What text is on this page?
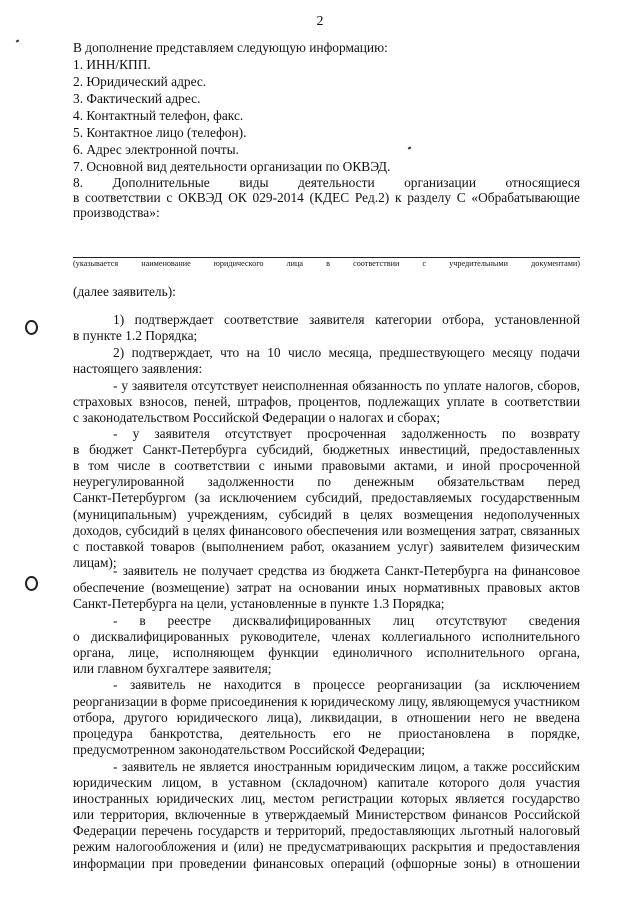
2
В дополнение представляем следующую информацию:
1. ИНН/КПП.
2. Юридический адрес.
3. Фактический адрес.
4. Контактный телефон, факс.
5. Контактное лицо (телефон).
6. Адрес электронной почты.
7. Основной вид деятельности организации по ОКВЭД.
8. Дополнительные виды деятельности организации относящиеся
в соответствии с ОКВЭД ОК 029-2014 (КДЕС Ред.2) к разделу С «Обрабатывающие
производства»:
(указывается наименование юридического лица в соответствии с учредительными документами)
(далее заявитель):
1) подтверждает соответствие заявителя категории отбора, установленной
в пункте 1.2 Порядка;
2) подтверждает, что на 10 число месяца, предшествующего месяцу подачи
настоящего заявления:
- у заявителя отсутствует неисполненная обязанность по уплате налогов, сборов,
страховых взносов, пеней, штрафов, процентов, подлежащих уплате в соответствии
с законодательством Российской Федерации о налогах и сборах;
- у заявителя отсутствует просроченная задолженность по возврату
в бюджет Санкт-Петербурга субсидий, бюджетных инвестиций, предоставленных
в том числе в соответствии с иными правовыми актами, и иной просроченной
неурегулированной задолженности по денежным обязательствам перед
Санкт-Петербургом (за исключением субсидий, предоставляемых государственным
(муниципальным) учреждениям, субсидий в целях возмещения недополученных
доходов, субсидий в целях финансового обеспечения или возмещения затрат, связанных
с поставкой товаров (выполнением работ, оказанием услуг) заявителем физическим
лицам);
- заявитель не получает средства из бюджета Санкт-Петербурга на финансовое
обеспечение (возмещение) затрат на основании иных нормативных правовых актов
Санкт-Петербурга на цели, установленные в пункте 1.3 Порядка;
- в реестре дисквалифицированных лиц отсутствуют сведения
о дисквалифицированных руководителе, членах коллегиального исполнительного
органа, лице, исполняющем функции единоличного исполнительного органа,
или главном бухгалтере заявителя;
- заявитель не находится в процессе реорганизации (за исключением
реорганизации в форме присоединения к юридическому лицу, являющемуся участником
отбора, другого юридического лица), ликвидации, в отношении него не введена
процедура банкротства, деятельность его не приостановлена в порядке,
предусмотренном законодательством Российской Федерации;
- заявитель не является иностранным юридическим лицом, а также российским
юридическим лицом, в уставном (складочном) капитале которого доля участия
иностранных юридических лиц, местом регистрации которых является государство
или территория, включенные в утверждаемый Министерством финансов Российской
Федерации перечень государств и территорий, предоставляющих льготный налоговый
режим налогообложения и (или) не предусматривающих раскрытия и предоставления
информации при проведении финансовых операций (офшорные зоны) в отношении
